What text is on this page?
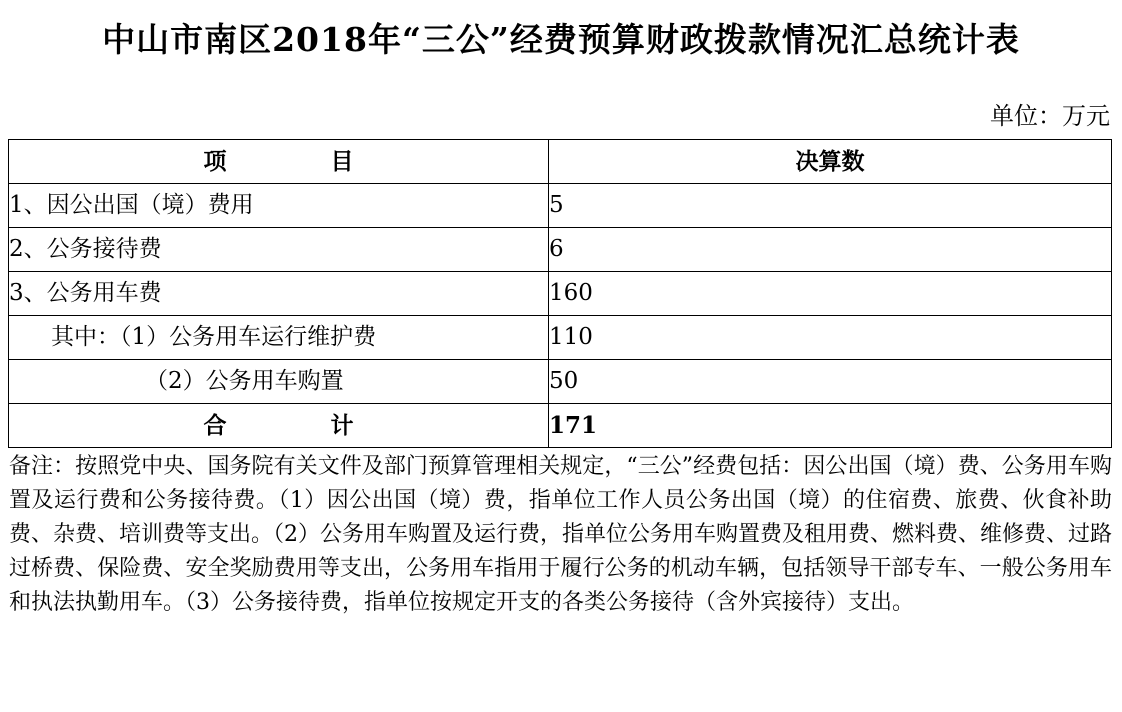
中山市南区2018年“三公”经费预算财政拨款情况汇总统计表
单位：万元
项 目	决算数
1、因公出国（境）费用	5
2、公务接待费	6
3、公务用车费	160
其中：（1）公务用车运行维护费	110
（2）公务用车购置	50

合 计	171
备注：按照党中央、国务院有关文件及部门预算管理相关规定，“三公”经费包括：因公出国（境）费、公务用车购置及运行费和公务接待费。（1）因公出国（境）费，指单位工作人员公务出国（境）的住宿费、旅费、伙食补助费、杂费、培训费等支出。（2）公务用车购置及运行费，指单位公务用车购置费及租用费、燃料费、维修费、过路过桥费、保险费、安全奖励费用等支出，公务用车指用于履行公务的机动车辆，包括领导干部专车、一般公务用车和执法执勤用车。（3）公务接待费，指单位按规定开支的各类公务接待（含外宾接待）支出。
